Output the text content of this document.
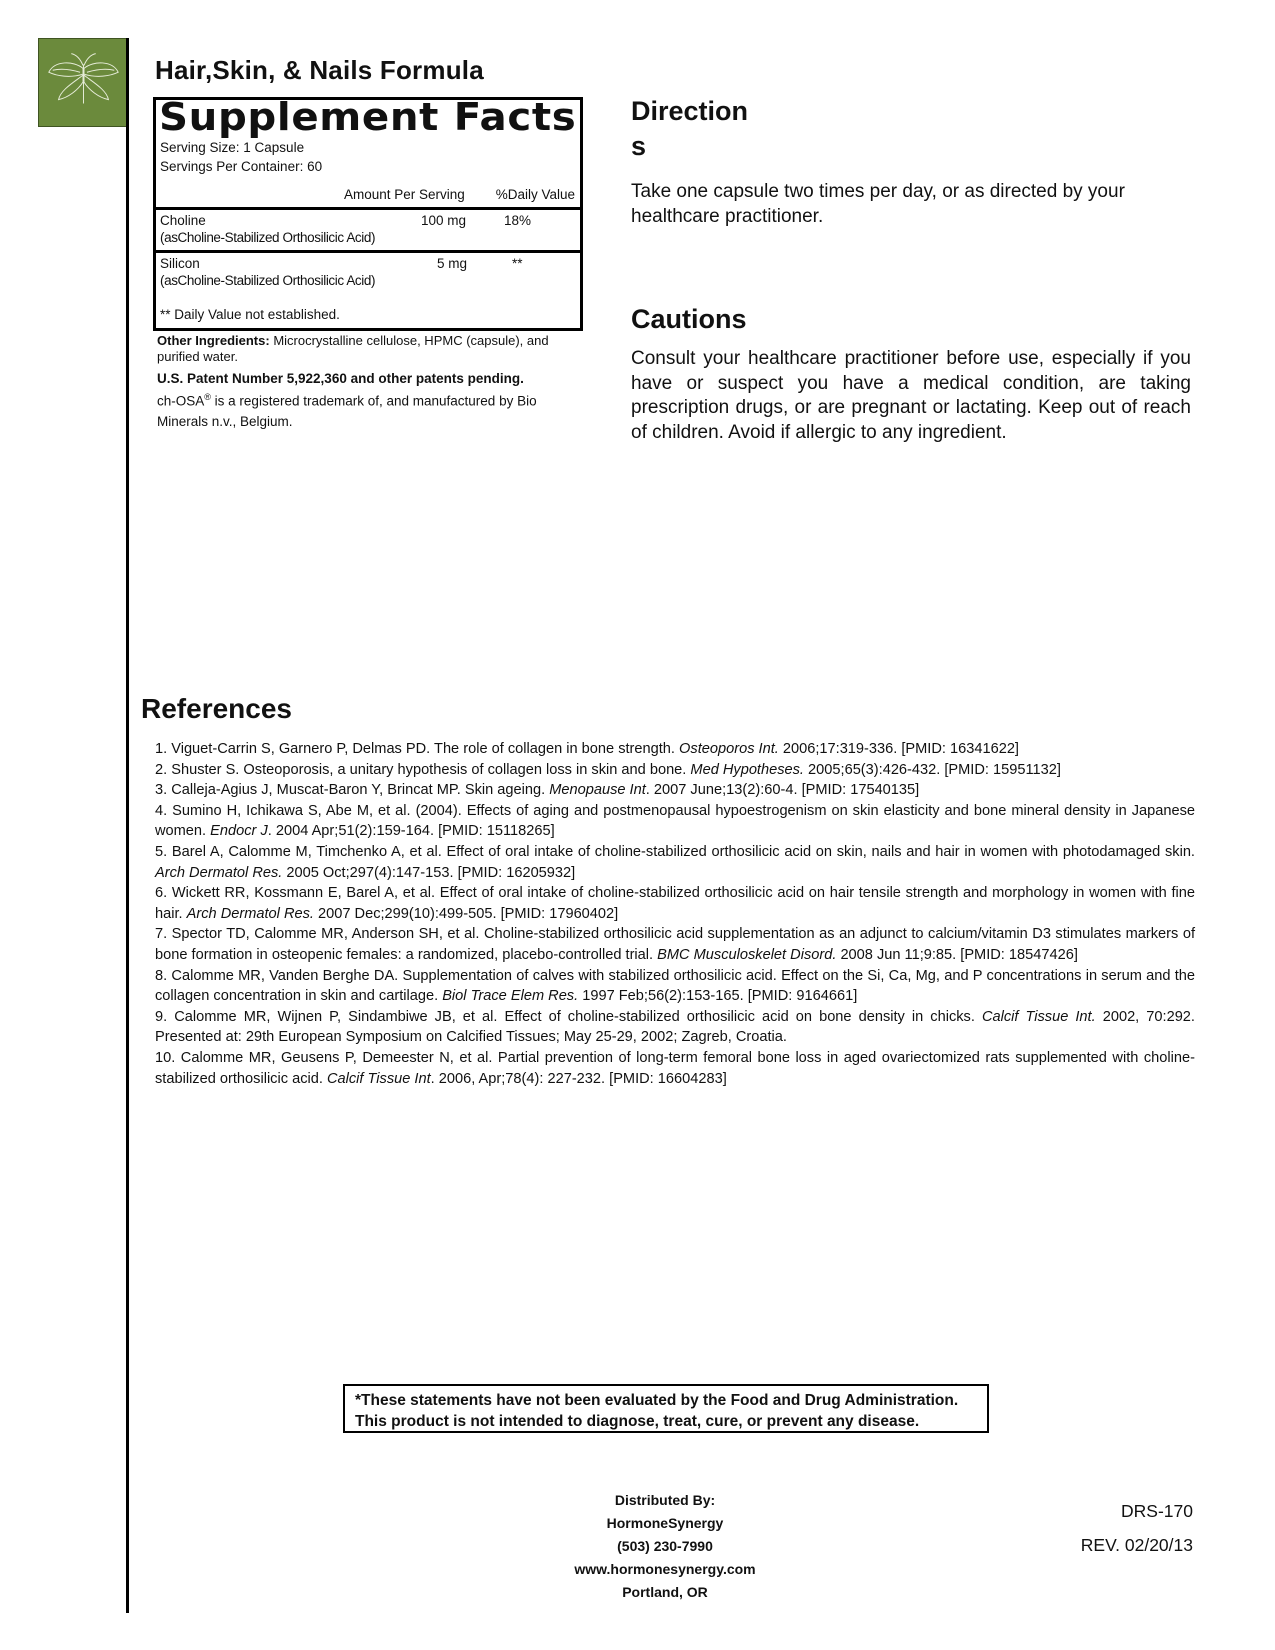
Hair,Skin, & Nails Formula
Supplement Facts
Serving Size: 1 Capsule
Servings Per Container: 60
Amount Per Serving %Daily Value
Choline
(asCholine-Stabilized Orthosilicic Acid)
100 mg	18%
Silicon
(asCholine-Stabilized Orthosilicic Acid)
5 mg	**
** Daily Value not established.
Other Ingredients: Microcrystalline cellulose, HPMC (capsule), and purified water.
U.S. Patent Number 5,922,360 and other patents pending.
ch-OSA® is a registered trademark of, and manufactured by Bio Minerals n.v., Belgium.
Direction
s
Take one capsule two times per day, or as directed by your healthcare practitioner.
Cautions
Consult your healthcare practitioner before use, especially if you have or suspect you have a medical condition, are taking prescription drugs, or are pregnant or lactating. Keep out of reach of children. Avoid if allergic to any ingredient.
References
1. Viguet-Carrin S, Garnero P, Delmas PD. The role of collagen in bone strength. Osteoporos Int. 2006;17:319-336. [PMID: 16341622]
2. Shuster S. Osteoporosis, a unitary hypothesis of collagen loss in skin and bone. Med Hypotheses. 2005;65(3):426-432. [PMID: 15951132]
3. Calleja-Agius J, Muscat-Baron Y, Brincat MP. Skin ageing. Menopause Int. 2007 June;13(2):60-4. [PMID: 17540135]
4. Sumino H, Ichikawa S, Abe M, et al. (2004). Effects of aging and postmenopausal hypoestrogenism on skin elasticity and bone mineral density in Japanese women. Endocr J. 2004 Apr;51(2):159-164. [PMID: 15118265]
5. Barel A, Calomme M, Timchenko A, et al. Effect of oral intake of choline-stabilized orthosilicic acid on skin, nails and hair in women with photodamaged skin. Arch Dermatol Res. 2005 Oct;297(4):147-153. [PMID: 16205932]
6. Wickett RR, Kossmann E, Barel A, et al. Effect of oral intake of choline-stabilized orthosilicic acid on hair tensile strength and morphology in women with fine hair. Arch Dermatol Res. 2007 Dec;299(10):499-505. [PMID: 17960402]
7. Spector TD, Calomme MR, Anderson SH, et al. Choline-stabilized orthosilicic acid supplementation as an adjunct to calcium/vitamin D3 stimulates markers of bone formation in osteopenic females: a randomized, placebo-controlled trial. BMC Musculoskelet Disord. 2008 Jun 11;9:85. [PMID: 18547426]
8. Calomme MR, Vanden Berghe DA. Supplementation of calves with stabilized orthosilicic acid. Effect on the Si, Ca, Mg, and P concentrations in serum and the collagen concentration in skin and cartilage. Biol Trace Elem Res. 1997 Feb;56(2):153-165. [PMID: 9164661]
9. Calomme MR, Wijnen P, Sindambiwe JB, et al. Effect of choline-stabilized orthosilicic acid on bone density in chicks. Calcif Tissue Int. 2002, 70:292. Presented at: 29th European Symposium on Calcified Tissues; May 25-29, 2002; Zagreb, Croatia.
10. Calomme MR, Geusens P, Demeester N, et al. Partial prevention of long-term femoral bone loss in aged ovariectomized rats supplemented with choline-stabilized orthosilicic acid. Calcif Tissue Int. 2006, Apr;78(4): 227-232. [PMID: 16604283]
*These statements have not been evaluated by the Food and Drug Administration.
This product is not intended to diagnose, treat, cure, or prevent any disease.
Distributed By: HormoneSynergy
(503) 230-7990
www.hormonesynergy.com
Portland, OR
DRS-170
REV. 02/20/13
